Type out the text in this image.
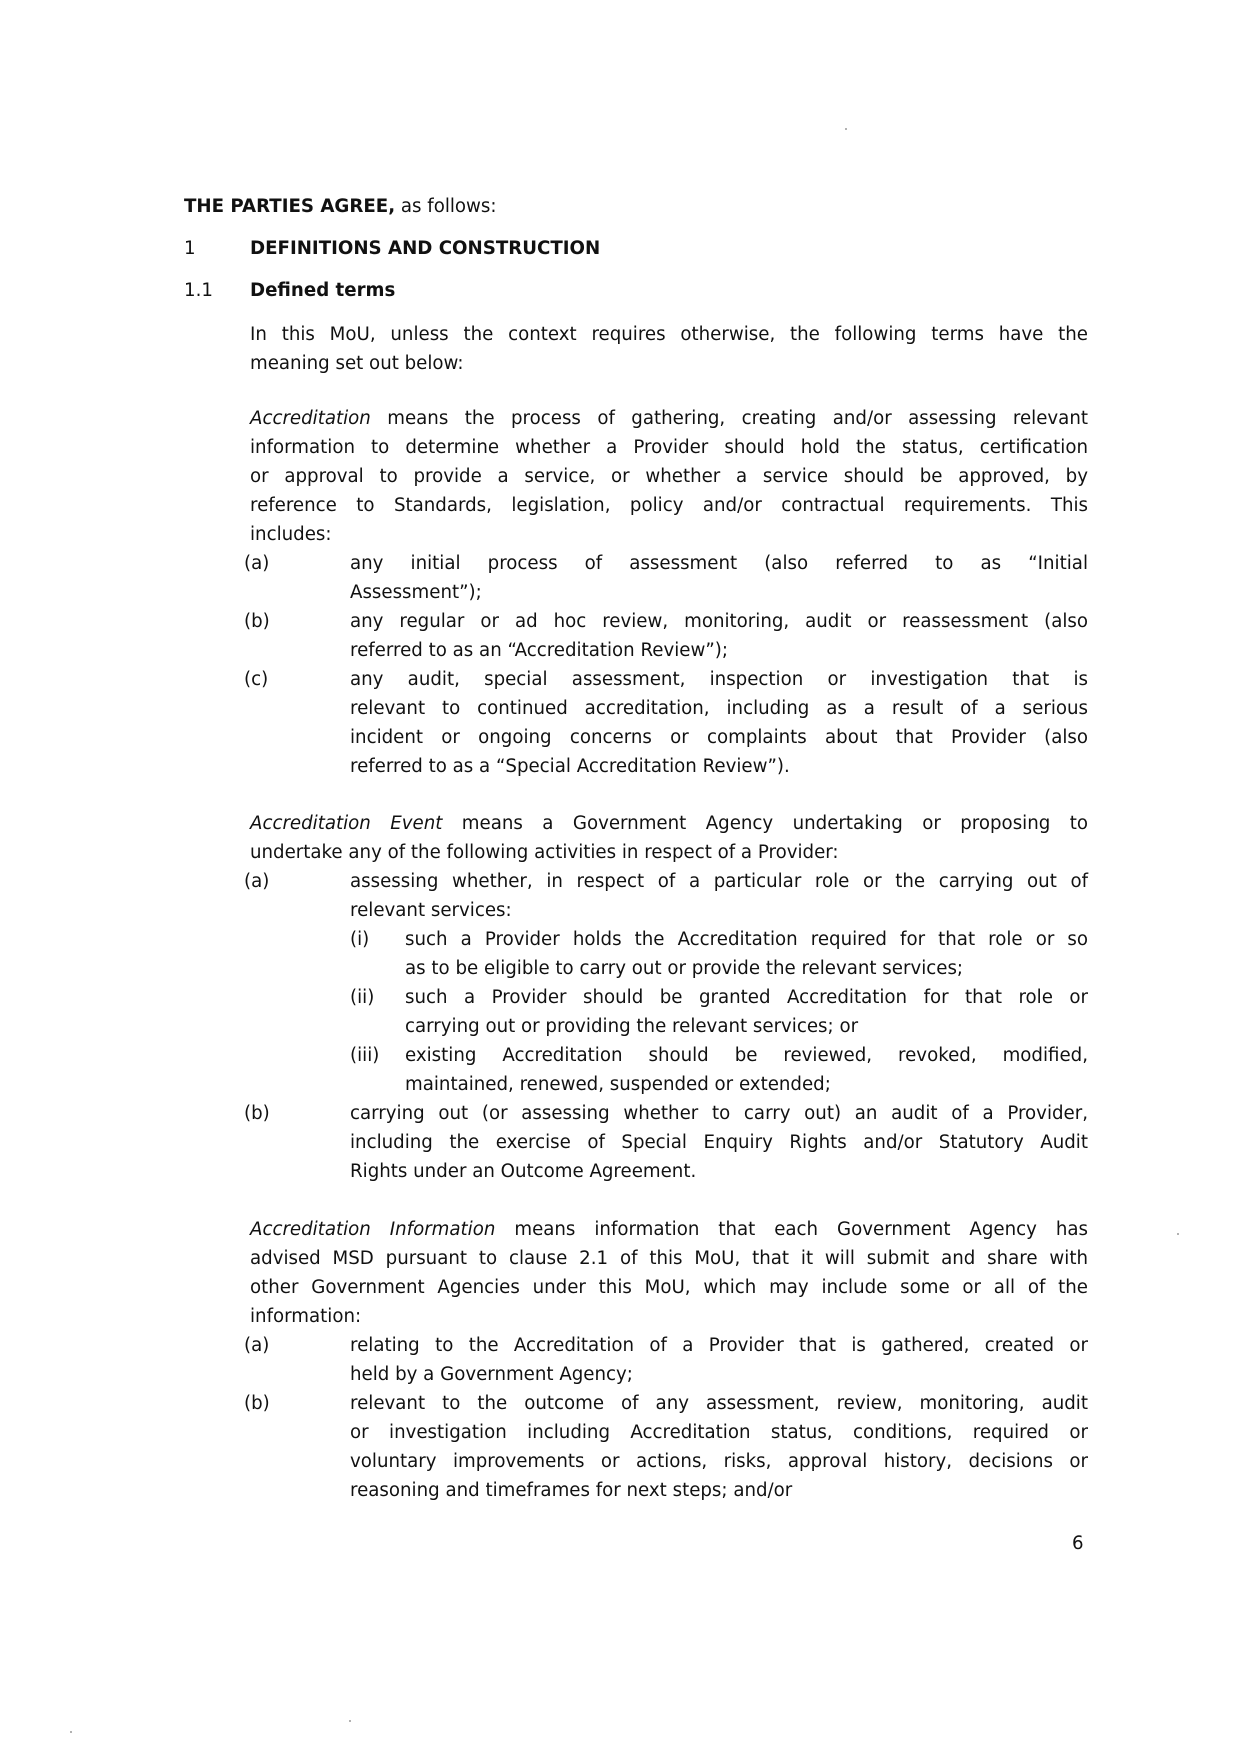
THE PARTIES AGREE, as follows:
1	DEFINITIONS AND CONSTRUCTION
1.1 Defined terms
In this MoU, unless the context requires otherwise, the following terms have the
meaning set out below:
Accreditation means the process of gathering, creating and/or assessing relevant
information to determine whether a Provider should hold the status, certification
or approval to provide a service, or whether a service should be approved, by
reference to Standards, legislation, policy and/or contractual requirements. This
includes:
(a)	any initial process of assessment (also referred to as “Initial
Assessment”);
(b)	any regular or ad hoc review, monitoring, audit or reassessment (also
referred to as an “Accreditation Review”);
(c)	any audit, special assessment, inspection or investigation that is
relevant to continued accreditation, including as a result of a serious
incident or ongoing concerns or complaints about that Provider (also
referred to as a “Special Accreditation Review”).
Accreditation Event means a Government Agency undertaking or proposing to
undertake any of the following activities in respect of a Provider:
(a)	assessing whether, in respect of a particular role or the carrying out of
relevant services:
(i) such a Provider holds the Accreditation required for that role or so
as to be eligible to carry out or provide the relevant services;
(ii) such a Provider should be granted Accreditation for that role or
carrying out or providing the relevant services; or
(iii) existing Accreditation should be reviewed, revoked, modified,
maintained, renewed, suspended or extended;
(b)	carrying out (or assessing whether to carry out) an audit of a Provider,
including the exercise of Special Enquiry Rights and/or Statutory Audit
Rights under an Outcome Agreement.
Accreditation Information means information that each Government Agency has
advised MSD pursuant to clause 2.1 of this MoU, that it will submit and share with
other Government Agencies under this MoU, which may include some or all of the
information:
(a)	relating to the Accreditation of a Provider that is gathered, created or
held by a Government Agency;
(b)	relevant to the outcome of any assessment, review, monitoring, audit
or investigation including Accreditation status, conditions, required or
voluntary improvements or actions, risks, approval history, decisions or
reasoning and timeframes for next steps; and/or
6
